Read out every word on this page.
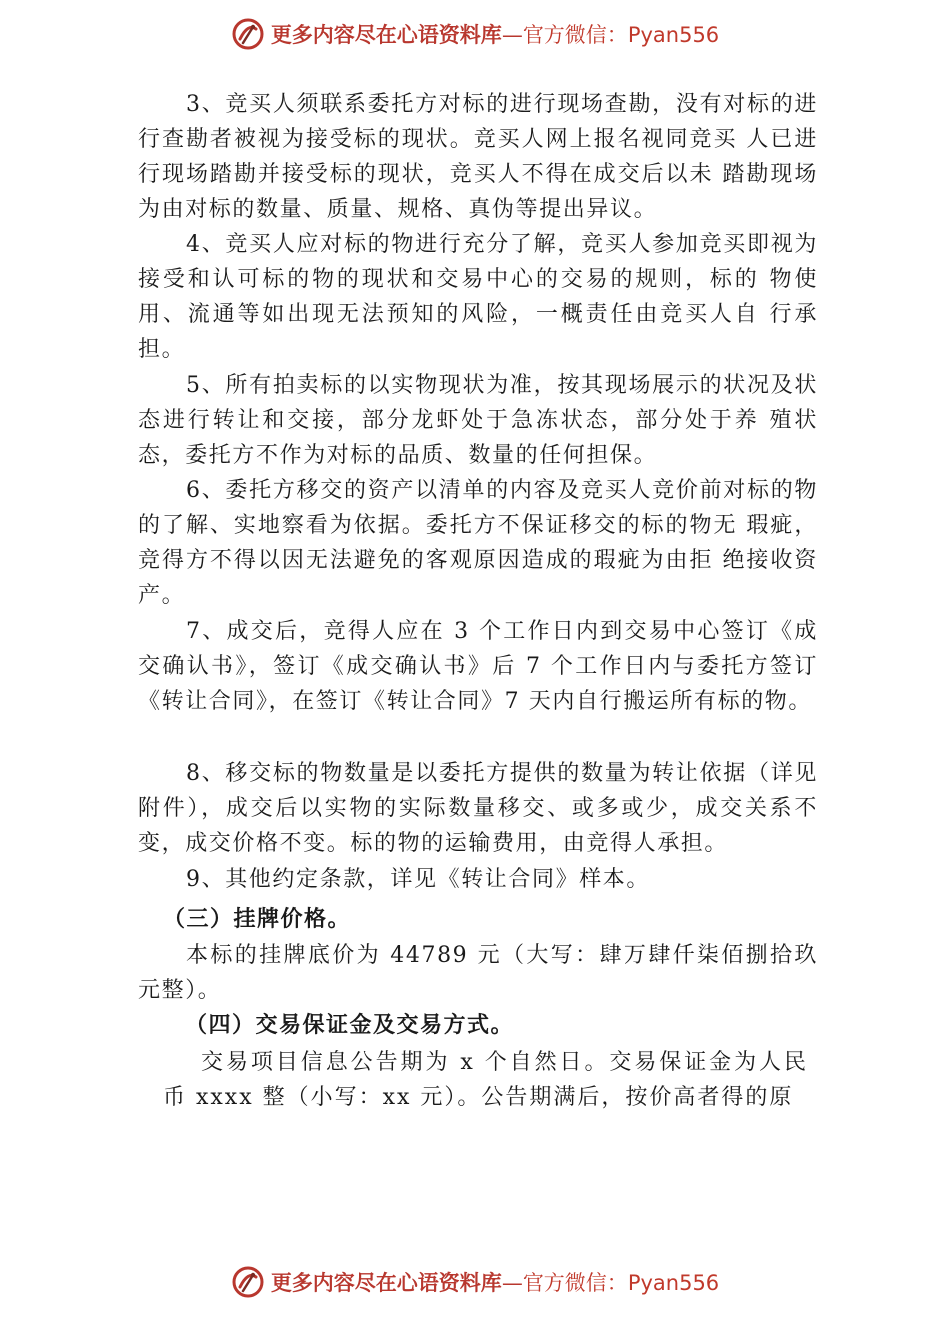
更多内容尽在心语资料库—官方微信：Pyan556

3、竞买人须联系委托方对标的进行现场查勘，没有对标的进行查勘者被视为接受标的现状。竞买人网上报名视同竞买 人已进行现场踏勘并接受标的现状，竞买人不得在成交后以未 踏勘现场为由对标的数量、质量、规格、真伪等提出异议。

4、竞买人应对标的物进行充分了解，竞买人参加竞买即视为接受和认可标的物的现状和交易中心的交易的规则，标的 物使用、流通等如出现无法预知的风险，一概责任由竞买人自 行承担。

5、所有拍卖标的以实物现状为准，按其现场展示的状况及状态进行转让和交接，部分龙虾处于急冻状态，部分处于养 殖状态，委托方不作为对标的品质、数量的任何担保。

6、委托方移交的资产以清单的内容及竞买人竞价前对标的物的了解、实地察看为依据。委托方不保证移交的标的物无 瑕疵，竞得方不得以因无法避免的客观原因造成的瑕疵为由拒 绝接收资产。

7、成交后，竞得人应在 3 个工作日内到交易中心签订《成交确认书》，签订《成交确认书》后 7 个工作日内与委托方签订《转让合同》，在签订《转让合同》7 天内自行搬运所有标的物。

8、移交标的物数量是以委托方提供的数量为转让依据（详见附件），成交后以实物的实际数量移交、或多或少，成交关系不变，成交价格不变。标的物的运输费用，由竞得人承担。

9、其他约定条款，详见《转让合同》样本。

（三）挂牌价格。

本标的挂牌底价为 44789 元（大写：肆万肆仟柒佰捌拾玖元整）。

（四）交易保证金及交易方式。

交易项目信息公告期为 x 个自然日。交易保证金为人民币 xxxx 整（小写：xx 元）。公告期满后，按价高者得的原

更多内容尽在心语资料库—官方微信：Pyan556
